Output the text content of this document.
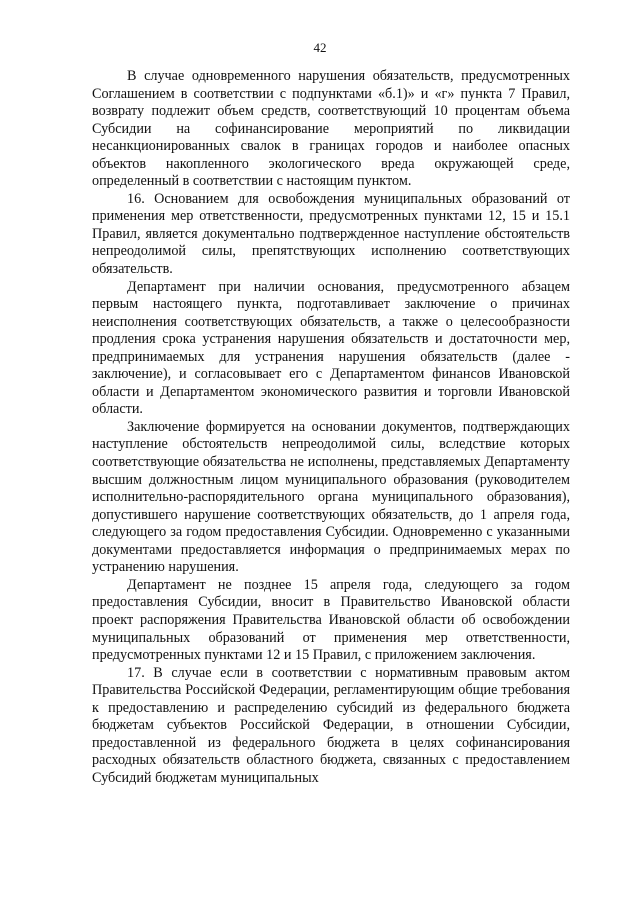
42

В случае одновременного нарушения обязательств, предусмотренных Соглашением в соответствии с подпунктами «б.1)» и «г» пункта 7 Правил, возврату подлежит объем средств, соответствующий 10 процентам объема Субсидии на софинансирование мероприятий по ликвидации несанкционированных свалок в границах городов и наиболее опасных объектов накопленного экологического вреда окружающей среде, определенный в соответствии с настоящим пунктом.

16. Основанием для освобождения муниципальных образований от применения мер ответственности, предусмотренных пунктами 12, 15 и 15.1 Правил, является документально подтвержденное наступление обстоятельств непреодолимой силы, препятствующих исполнению соответствующих обязательств.

Департамент при наличии основания, предусмотренного абзацем первым настоящего пункта, подготавливает заключение о причинах неисполнения соответствующих обязательств, а также о целесообразности продления срока устранения нарушения обязательств и достаточности мер, предпринимаемых для устранения нарушения обязательств (далее - заключение), и согласовывает его с Департаментом финансов Ивановской области и Департаментом экономического развития и торговли Ивановской области.

Заключение формируется на основании документов, подтверждающих наступление обстоятельств непреодолимой силы, вследствие которых соответствующие обязательства не исполнены, представляемых Департаменту высшим должностным лицом муниципального образования (руководителем исполнительно-распорядительного органа муниципального образования), допустившего нарушение соответствующих обязательств, до 1 апреля года, следующего за годом предоставления Субсидии. Одновременно с указанными документами предоставляется информация о предпринимаемых мерах по устранению нарушения.

Департамент не позднее 15 апреля года, следующего за годом предоставления Субсидии, вносит в Правительство Ивановской области проект распоряжения Правительства Ивановской области об освобождении муниципальных образований от применения мер ответственности, предусмотренных пунктами 12 и 15 Правил, с приложением заключения.

17. В случае если в соответствии с нормативным правовым актом Правительства Российской Федерации, регламентирующим общие требования к предоставлению и распределению субсидий из федерального бюджета бюджетам субъектов Российской Федерации, в отношении Субсидии, предоставленной из федерального бюджета в целях софинансирования расходных обязательств областного бюджета, связанных с предоставлением Субсидий бюджетам муниципальных
